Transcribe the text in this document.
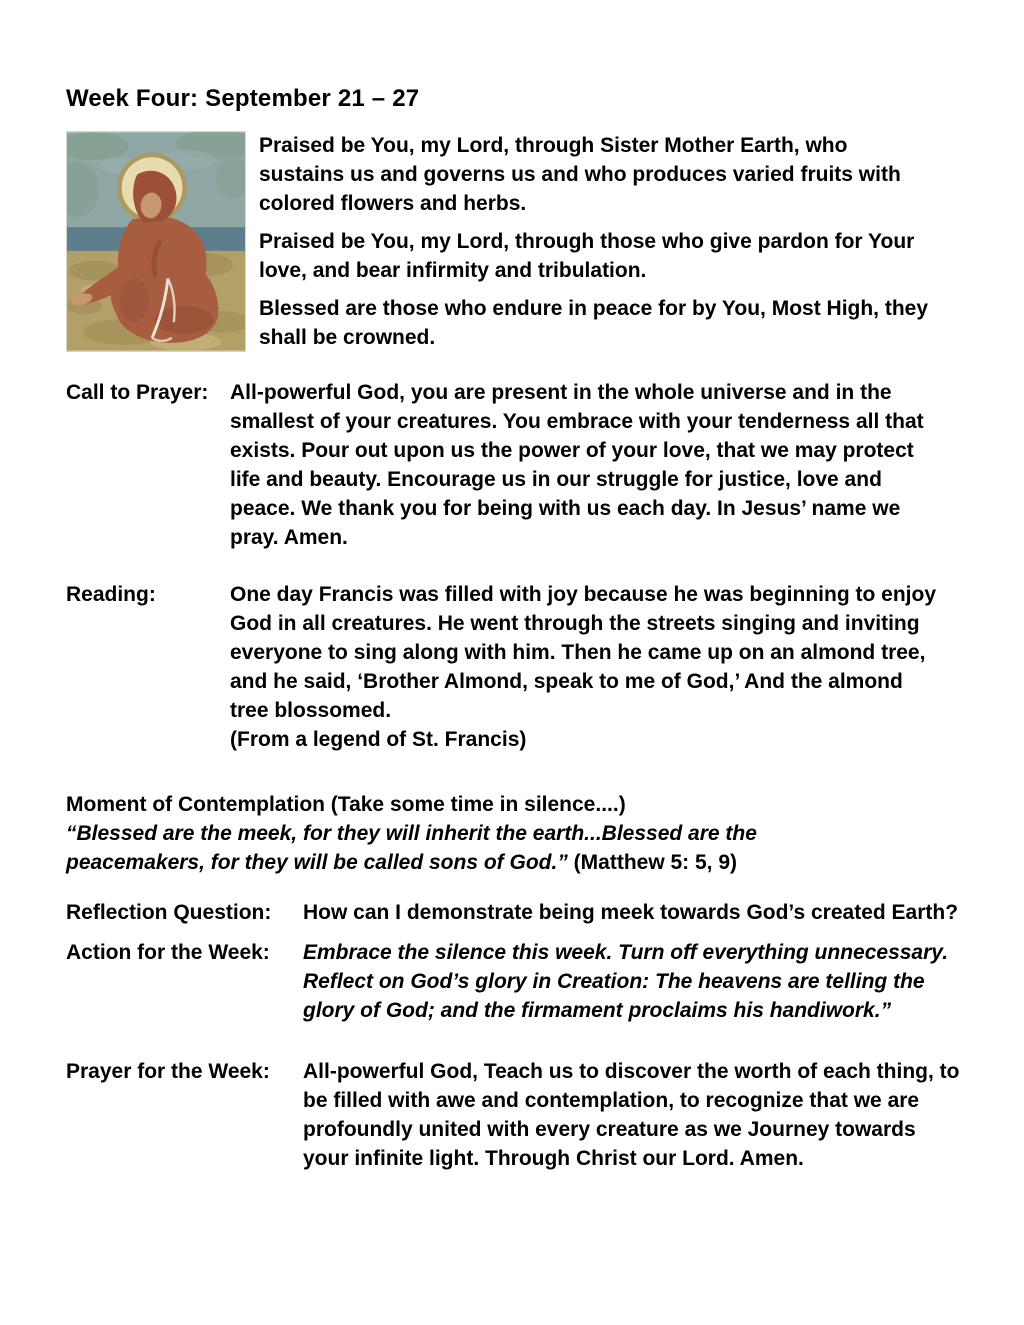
Week Four: September 21 – 27

Praised be You, my Lord, through Sister Mother Earth, who sustains us and governs us and who produces varied fruits with colored flowers and herbs.

Praised be You, my Lord, through those who give pardon for Your love, and bear infirmity and tribulation.

Blessed are those who endure in peace for by You, Most High, they shall be crowned.

Call to Prayer:	All-powerful God, you are present in the whole universe and in the smallest of your creatures. You embrace with your tenderness all that exists. Pour out upon us the power of your love, that we may protect life and beauty. Encourage us in our struggle for justice, love and peace. We thank you for being with us each day. In Jesus’ name we pray. Amen.
Reading:	One day Francis was filled with joy because he was beginning to enjoy God in all creatures. He went through the streets singing and inviting everyone to sing along with him. Then he came up on an almond tree, and he said, ‘Brother Almond, speak to me of God,’ And the almond tree blossomed.
(From a legend of St. Francis)
Moment of Contemplation (Take some time in silence....)
“Blessed are the meek, for they will inherit the earth...Blessed are the peacemakers, for they will be called sons of God.” (Matthew 5: 5, 9)
Reflection Question:	How can I demonstrate being meek towards God’s created Earth?
Action for the Week:	Embrace the silence this week. Turn off everything unnecessary. Reflect on God’s glory in Creation: The heavens are telling the glory of God; and the firmament proclaims his handiwork.”
Prayer for the Week:	All-powerful God, Teach us to discover the worth of each thing, to be filled with awe and contemplation, to recognize that we are profoundly united with every creature as we Journey towards your infinite light. Through Christ our Lord. Amen.
